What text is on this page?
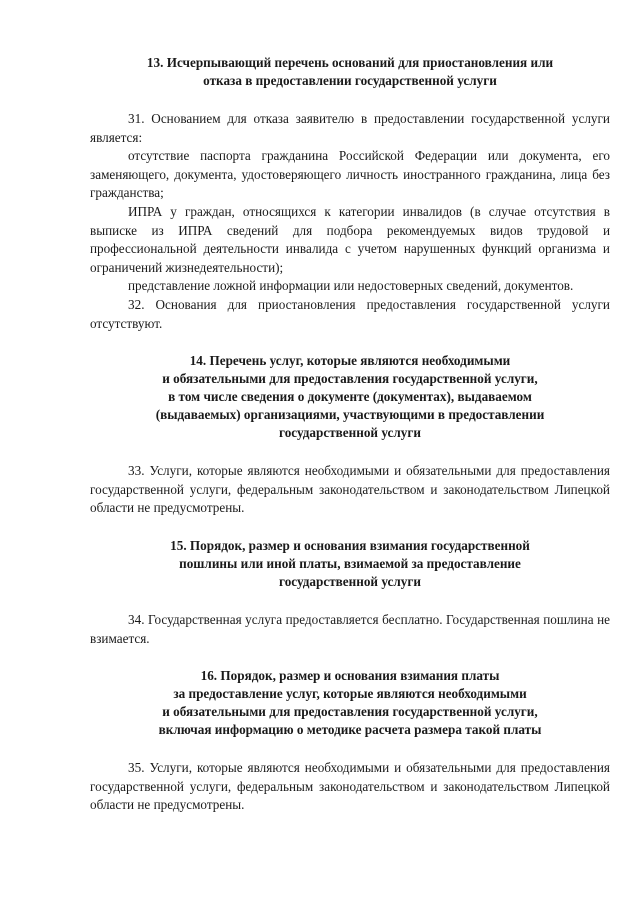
13. Исчерпывающий перечень оснований для приостановления или
отказа в предоставлении государственной услуги

31. Основанием для отказа заявителю в предоставлении государственной услуги является:

отсутствие паспорта гражданина Российской Федерации или документа, его заменяющего, документа, удостоверяющего личность иностранного гражданина, лица без гражданства;

ИПРА у граждан, относящихся к категории инвалидов (в случае отсутствия в выписке из ИПРА сведений для подбора рекомендуемых видов трудовой и профессиональной деятельности инвалида с учетом нарушенных функций организма и ограничений жизнедеятельности);

представление ложной информации или недостоверных сведений, документов.

32. Основания для приостановления предоставления государственной услуги отсутствуют.

14. Перечень услуг, которые являются необходимыми
и обязательными для предоставления государственной услуги,
в том числе сведения о документе (документах), выдаваемом
(выдаваемых) организациями, участвующими в предоставлении
государственной услуги

33. Услуги, которые являются необходимыми и обязательными для предоставления государственной услуги, федеральным законодательством и законодательством Липецкой области не предусмотрены.

15. Порядок, размер и основания взимания государственной
пошлины или иной платы, взимаемой за предоставление
государственной услуги

34. Государственная услуга предоставляется бесплатно. Государственная пошлина не взимается.

16. Порядок, размер и основания взимания платы
за предоставление услуг, которые являются необходимыми
и обязательными для предоставления государственной услуги,
включая информацию о методике расчета размера такой платы

35. Услуги, которые являются необходимыми и обязательными для предоставления государственной услуги, федеральным законодательством и законодательством Липецкой области не предусмотрены.
